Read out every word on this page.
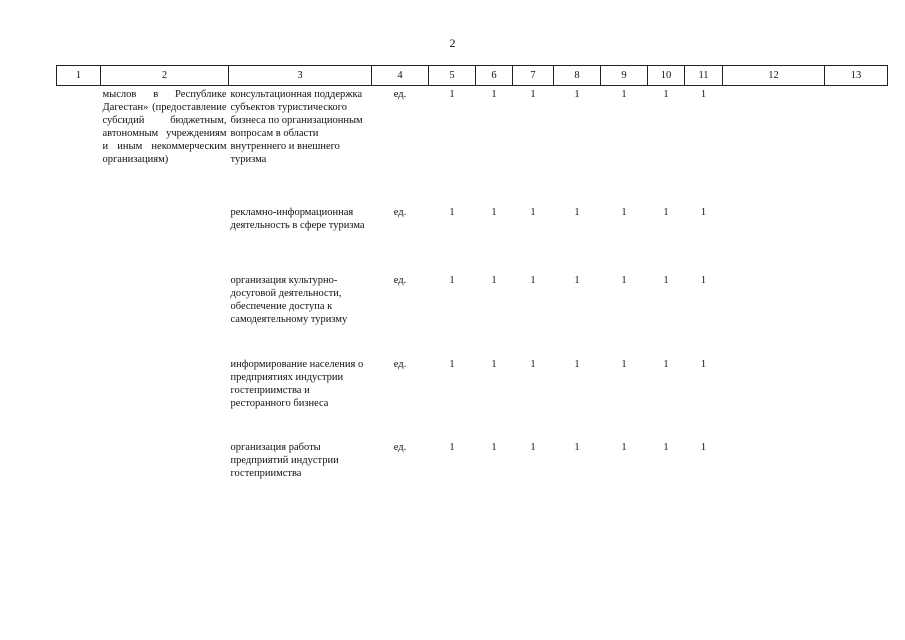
2
1	2	3	4	5	6	7	8	9	10	11	12	13
	мыслов в Республике Дагестан» (предоставление субсидий бюджетным, автономным учреждениям и иным некоммерческим организациям)	консультационная поддержка субъектов туристического бизнеса по организационным вопросам в области внутреннего и внешнего туризма	ед.	1	1	1	1	1	1	1		
		рекламно-информационная деятельность в сфере туризма	ед.	1	1	1	1	1	1	1		
		организация культурно-досуговой деятельности, обеспечение доступа к самодеятельному туризму	ед.	1	1	1	1	1	1	1		
		информирование населения о предприятиях индустрии гостеприимства и ресторанного бизнеса	ед.	1	1	1	1	1	1	1		
		организация работы предприятий индустрии гостеприимства	ед.	1	1	1	1	1	1	1		
